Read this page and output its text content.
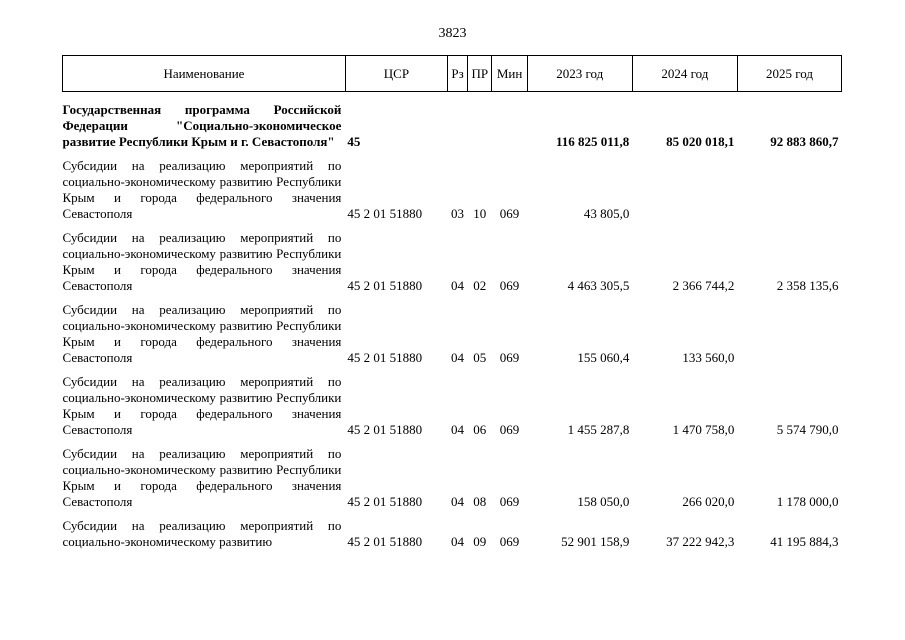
3823
Наименование	ЦСР	Рз	ПР	Мин	2023 год	2024 год	2025 год

Государственная программа Российской Федерации "Социально-экономическое развитие Республики Крым и г. Севастополя"	45				116 825 011,8	85 020 018,1	92 883 860,7

Субсидии на реализацию мероприятий по социально-экономическому развитию Республики Крым и города федерального значения Севастополя	45 2 01 51880	03	10	069	43 805,0		

Субсидии на реализацию мероприятий по социально-экономическому развитию Республики Крым и города федерального значения Севастополя	45 2 01 51880	04	02	069	4 463 305,5	2 366 744,2	2 358 135,6

Субсидии на реализацию мероприятий по социально-экономическому развитию Республики Крым и города федерального значения Севастополя	45 2 01 51880	04	05	069	155 060,4	133 560,0	

Субсидии на реализацию мероприятий по социально-экономическому развитию Республики Крым и города федерального значения Севастополя	45 2 01 51880	04	06	069	1 455 287,8	1 470 758,0	5 574 790,0

Субсидии на реализацию мероприятий по социально-экономическому развитию Республики Крым и города федерального значения Севастополя	45 2 01 51880	04	08	069	158 050,0	266 020,0	1 178 000,0

Субсидии на реализацию мероприятий по социально-экономическому развитию	45 2 01 51880	04	09	069	52 901 158,9	37 222 942,3	41 195 884,3
